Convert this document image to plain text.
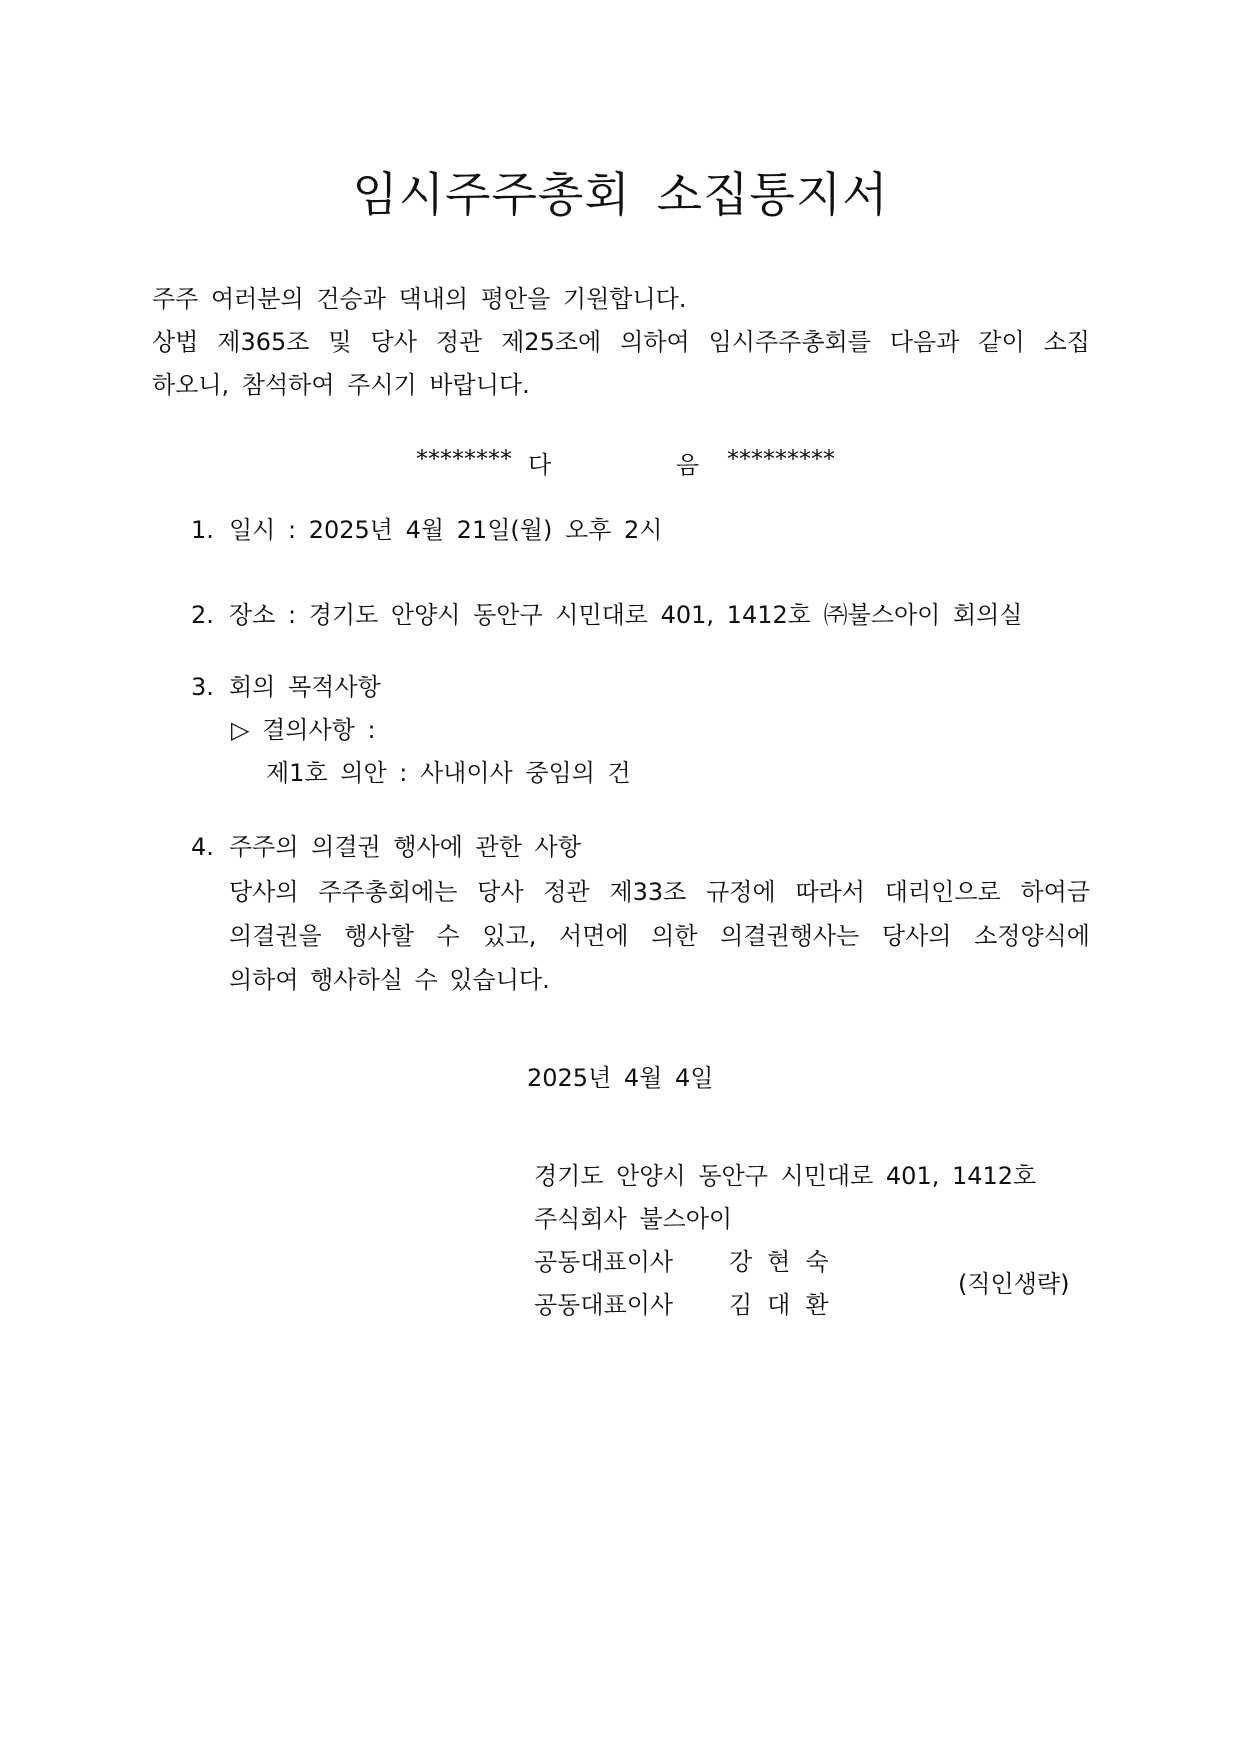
임시주주총회 소집통지서

주주 여러분의 건승과 댁내의 평안을 기원합니다.

상법 제365조 및 당사 정관 제25조에 의하여 임시주주총회를 다음과 같이 소집

하오니, 참석하여 주시기 바랍니다.

******** 다	음 *********
1. 일시 : 2025년 4월 21일(월) 오후 2시
2. 장소 : 경기도 안양시 동안구 시민대로 401, 1412호 ㈜불스아이 회의실
3. 회의 목적사항
▷ 결의사항 :
제1호 의안 : 사내이사 중임의 건
4. 주주의 의결권 행사에 관한 사항

당사의 주주총회에는 당사 정관 제33조 규정에 따라서 대리인으로 하여금

의결권을 행사할 수 있고, 서면에 의한 의결권행사는 당사의 소정양식에

의하여 행사하실 수 있습니다.

2025년 4월 4일
경기도 안양시 동안구 시민대로 401, 1412호
주식회사 불스아이
공동대표이사 강현숙
공동대표이사 김대환
(직인생략)
